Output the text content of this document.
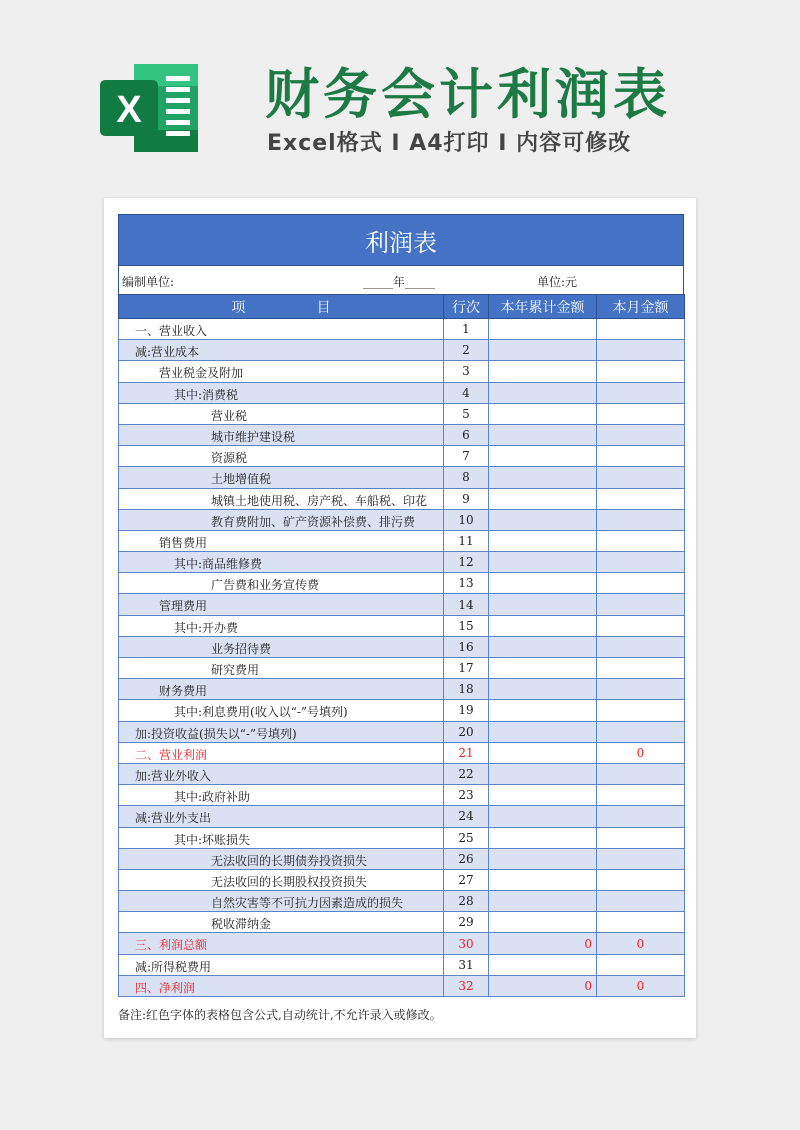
X 财务会计利润表
Excel格式 I A4打印 I 内容可修改
利润表
编制单位:	_____年_____	单位:元
项                目	行次	本年累计金额	本月金额

一、营业收入	1		

减:营业成本	2		

营业税金及附加	3		

其中:消费税	4		

营业税	5		

城市维护建设税	6		

资源税	7		

土地增值税	8		

城镇土地使用税、房产税、车船税、印花	9		

教育费附加、矿产资源补偿费、排污费	10		

销售费用	11		

其中:商品维修费	12		

广告费和业务宣传费	13		

管理费用	14		

其中:开办费	15		

业务招待费	16		

研究费用	17		

财务费用	18		

其中:利息费用(收入以“-”号填列)	19		

加:投资收益(损失以“-”号填列)	20		

二、营业利润	21		0

加:营业外收入	22		

其中:政府补助	23		

减:营业外支出	24		

其中:坏账损失	25		

无法收回的长期债券投资损失	26		

无法收回的长期股权投资损失	27		

自然灾害等不可抗力因素造成的损失	28		

税收滞纳金	29		

三、利润总额	30	0	0

减:所得税费用	31		

四、净利润	32	0	0
备注:红色字体的表格包含公式,自动统计,不允许录入或修改。
